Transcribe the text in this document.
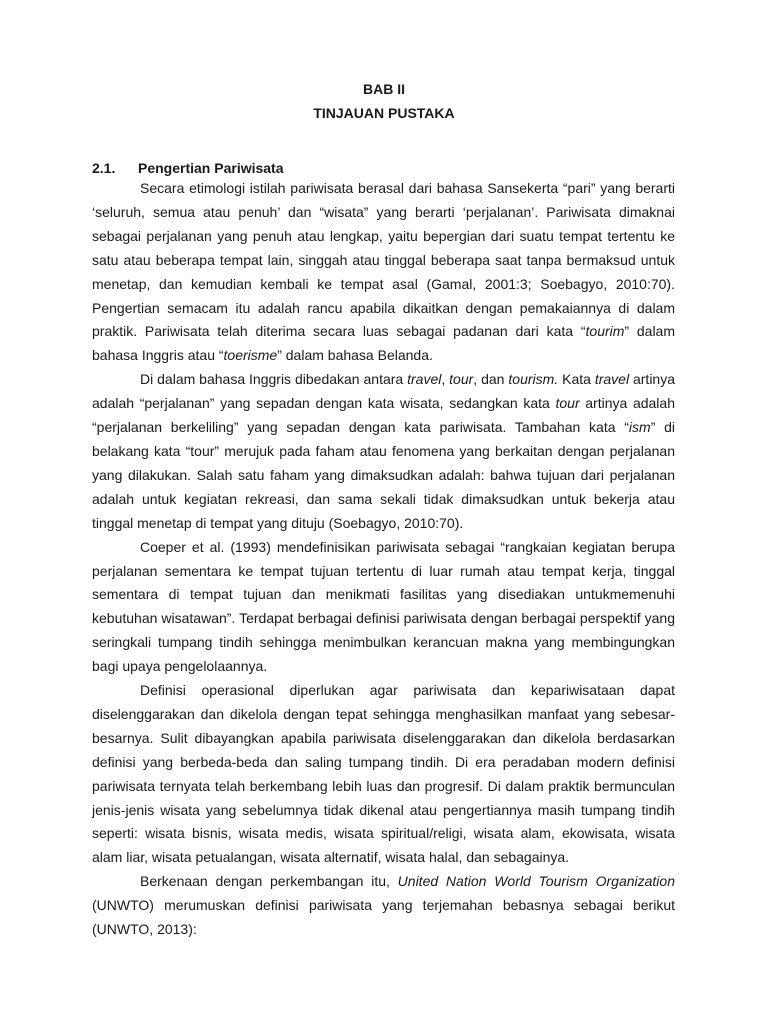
BAB II
TINJAUAN PUSTAKA
2.1. Pengertian Pariwisata

Secara etimologi istilah pariwisata berasal dari bahasa Sansekerta “pari” yang berarti ‘seluruh, semua atau penuh’ dan “wisata” yang berarti ‘perjalanan’. Pariwisata dimaknai sebagai perjalanan yang penuh atau lengkap, yaitu bepergian dari suatu tempat tertentu ke satu atau beberapa tempat lain, singgah atau tinggal beberapa saat tanpa bermaksud untuk menetap, dan kemudian kembali ke tempat asal (Gamal, 2001:3; Soebagyo, 2010:70). Pengertian semacam itu adalah rancu apabila dikaitkan dengan pemakaiannya di dalam praktik. Pariwisata telah diterima secara luas sebagai padanan dari kata “tourim” dalam bahasa Inggris atau “toerisme” dalam bahasa Belanda.

Di dalam bahasa Inggris dibedakan antara travel, tour, dan tourism. Kata travel artinya adalah “perjalanan” yang sepadan dengan kata wisata, sedangkan kata tour artinya adalah “perjalanan berkeliling” yang sepadan dengan kata pariwisata. Tambahan kata “ism” di belakang kata “tour” merujuk pada faham atau fenomena yang berkaitan dengan perjalanan yang dilakukan. Salah satu faham yang dimaksudkan adalah: bahwa tujuan dari perjalanan adalah untuk kegiatan rekreasi, dan sama sekali tidak dimaksudkan untuk bekerja atau tinggal menetap di tempat yang dituju (Soebagyo, 2010:70).

Coeper et al. (1993) mendefinisikan pariwisata sebagai “rangkaian kegiatan berupa perjalanan sementara ke tempat tujuan tertentu di luar rumah atau tempat kerja, tinggal sementara di tempat tujuan dan menikmati fasilitas yang disediakan untukmemenuhi kebutuhan wisatawan”. Terdapat berbagai definisi pariwisata dengan berbagai perspektif yang seringkali tumpang tindih sehingga menimbulkan kerancuan makna yang membingungkan bagi upaya pengelolaannya.

Definisi operasional diperlukan agar pariwisata dan kepariwisataan dapat diselenggarakan dan dikelola dengan tepat sehingga menghasilkan manfaat yang sebesar-besarnya. Sulit dibayangkan apabila pariwisata diselenggarakan dan dikelola berdasarkan definisi yang berbeda-beda dan saling tumpang tindih. Di era peradaban modern definisi pariwisata ternyata telah berkembang lebih luas dan progresif. Di dalam praktik bermunculan jenis-jenis wisata yang sebelumnya tidak dikenal atau pengertiannya masih tumpang tindih seperti: wisata bisnis, wisata medis, wisata spiritual/religi, wisata alam, ekowisata, wisata alam liar, wisata petualangan, wisata alternatif, wisata halal, dan sebagainya.

Berkenaan dengan perkembangan itu, United Nation World Tourism Organization (UNWTO) merumuskan definisi pariwisata yang terjemahan bebasnya sebagai berikut (UNWTO, 2013):
